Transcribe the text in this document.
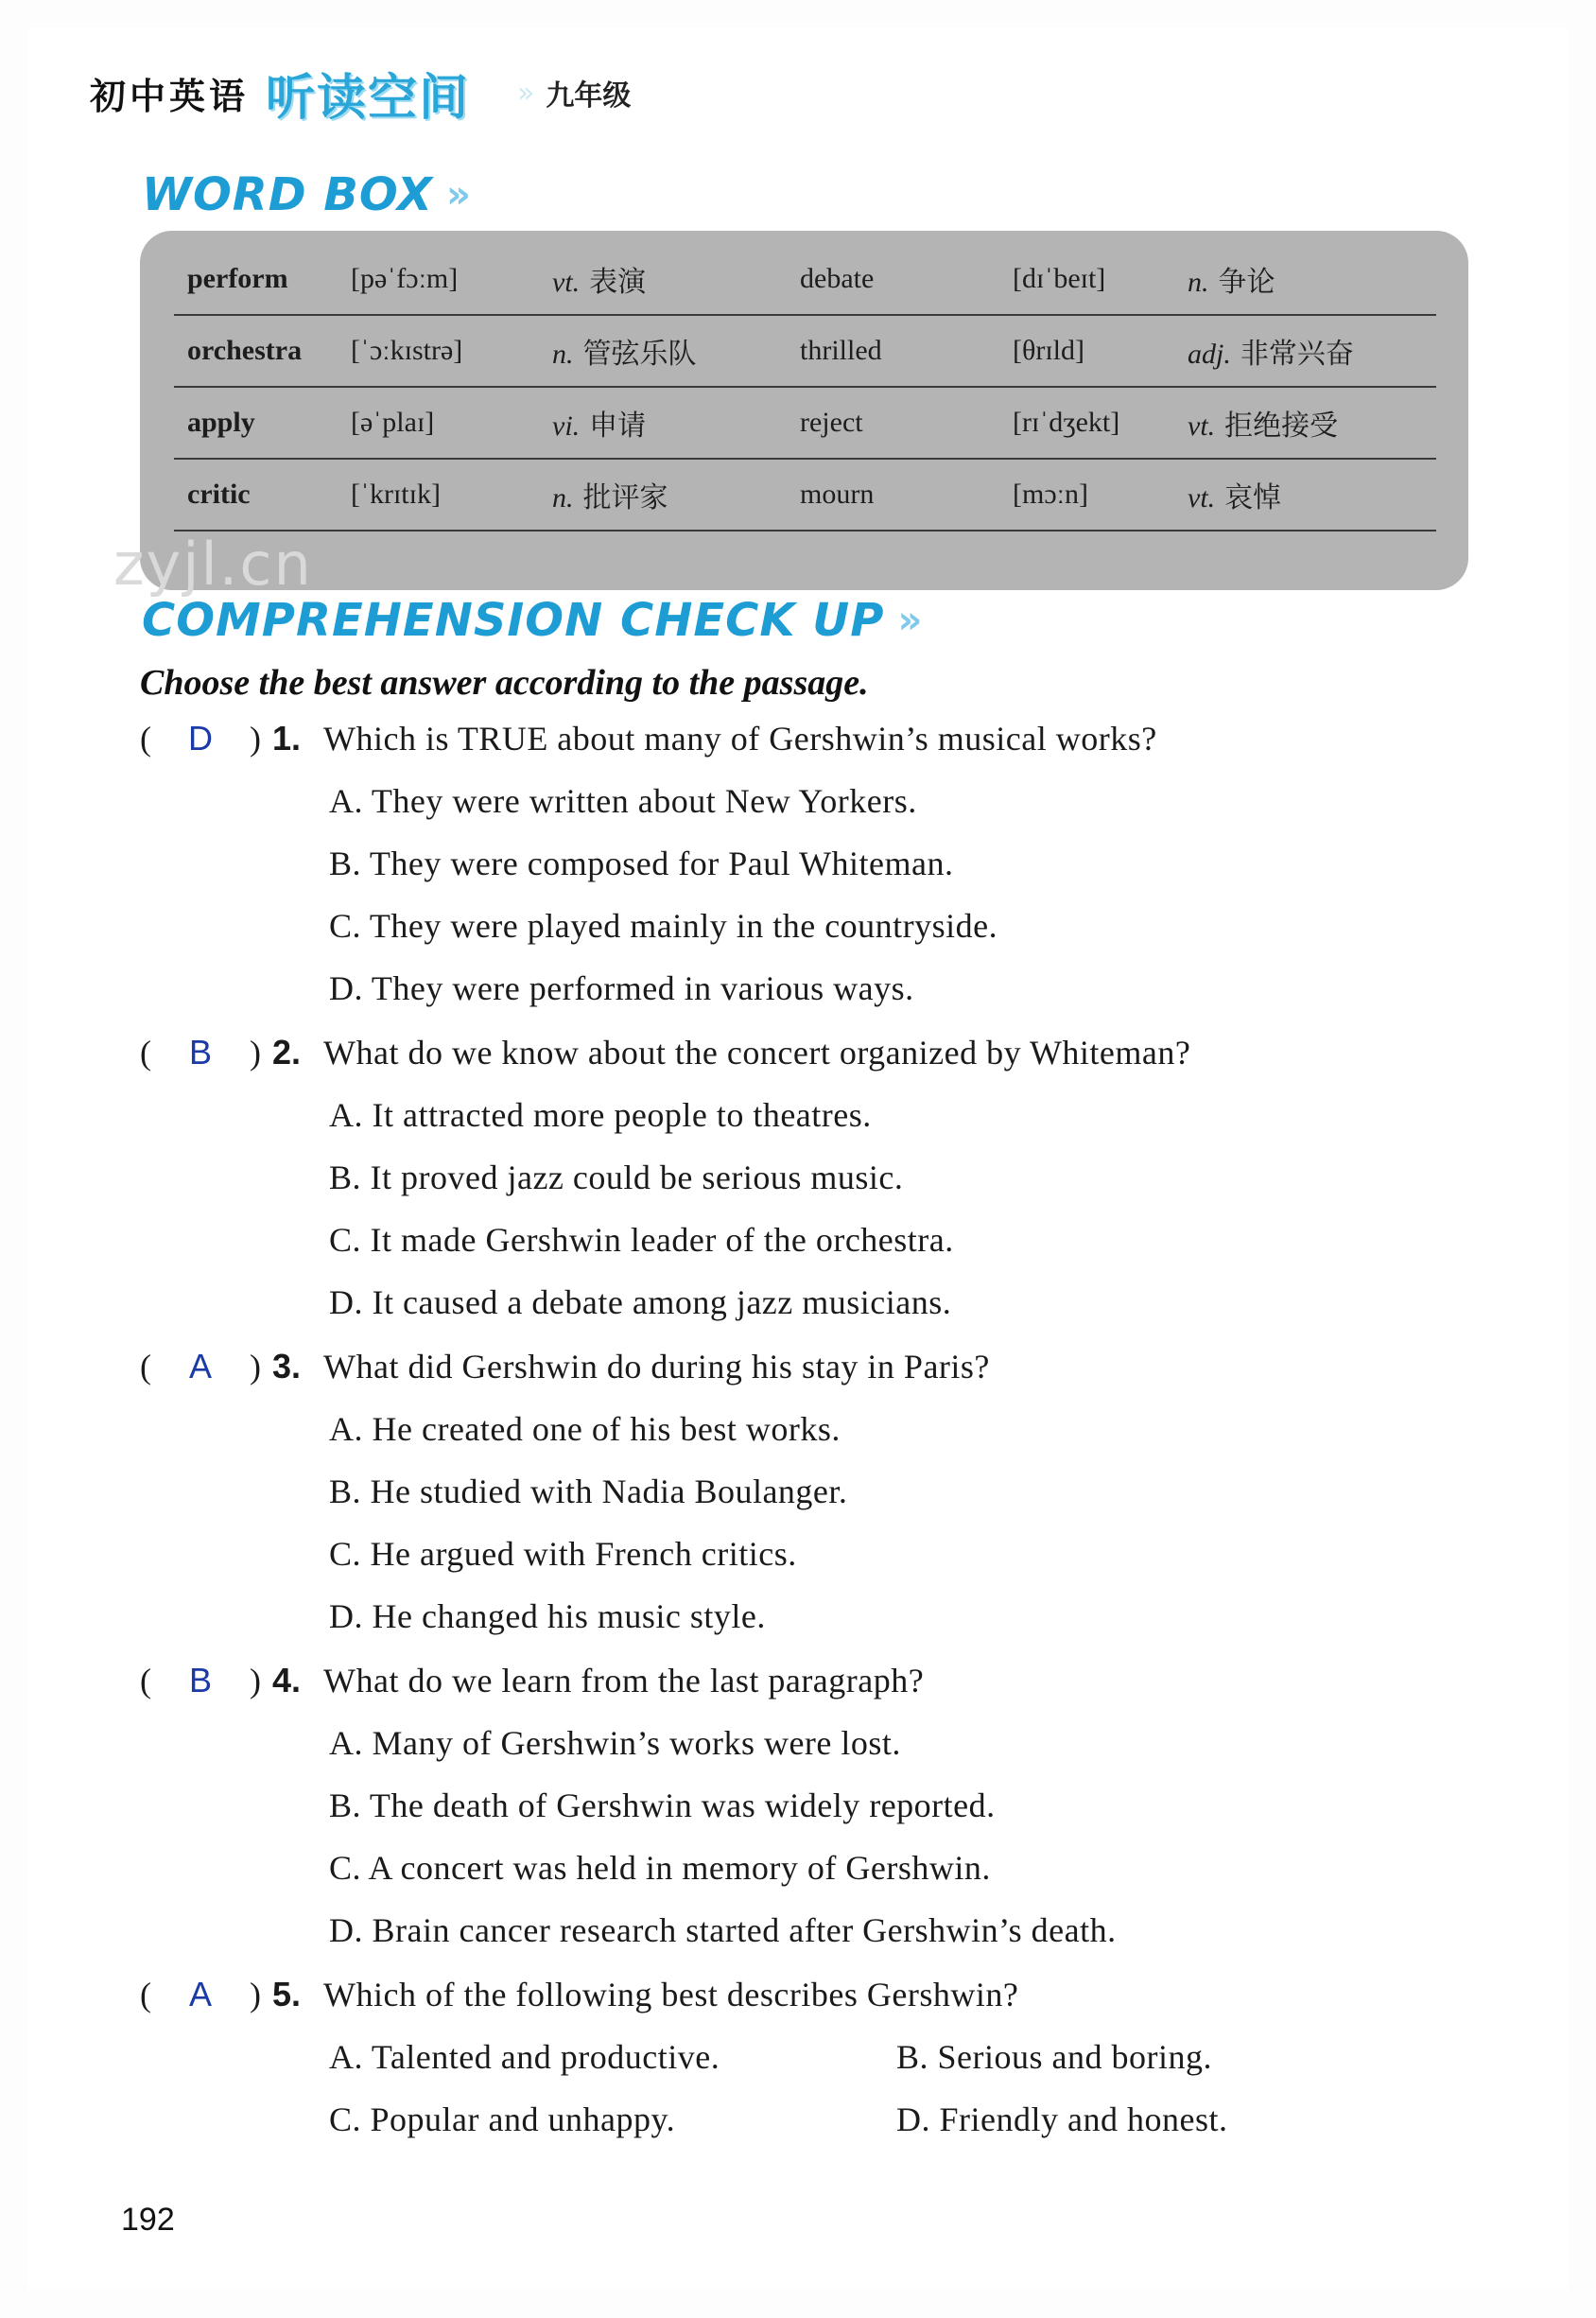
初中英语 听读空间 » 九年级
WORD BOX »
perform	[pəˈfɔːm]	vt. 表演	debate	[dɪˈbeɪt]	n. 争论
orchestra	[ˈɔːkɪstrə]	n. 管弦乐队	thrilled	[θrɪld]	adj. 非常兴奋
apply	[əˈplaɪ]	vi. 申请	reject	[rɪˈdʒekt]	vt. 拒绝接受
critic	[ˈkrɪtɪk]	n. 批评家	mourn	[mɔːn]	vt. 哀悼
zyjl.cn
COMPREHENSION CHECK UP »
Choose the best answer according to the passage.
( D ) 1. Which is TRUE about many of Gershwin’s musical works?
A. They were written about New Yorkers.
B. They were composed for Paul Whiteman.
C. They were played mainly in the countryside.
D. They were performed in various ways.
( B ) 2. What do we know about the concert organized by Whiteman?
A. It attracted more people to theatres.
B. It proved jazz could be serious music.
C. It made Gershwin leader of the orchestra.
D. It caused a debate among jazz musicians.
( A ) 3. What did Gershwin do during his stay in Paris?
A. He created one of his best works.
B. He studied with Nadia Boulanger.
C. He argued with French critics.
D. He changed his music style.
( B ) 4. What do we learn from the last paragraph?
A. Many of Gershwin’s works were lost.
B. The death of Gershwin was widely reported.
C. A concert was held in memory of Gershwin.
D. Brain cancer research started after Gershwin’s death.
( A ) 5. Which of the following best describes Gershwin?
A. Talented and productive.	B. Serious and boring.
C. Popular and unhappy.	D. Friendly and honest.
192
